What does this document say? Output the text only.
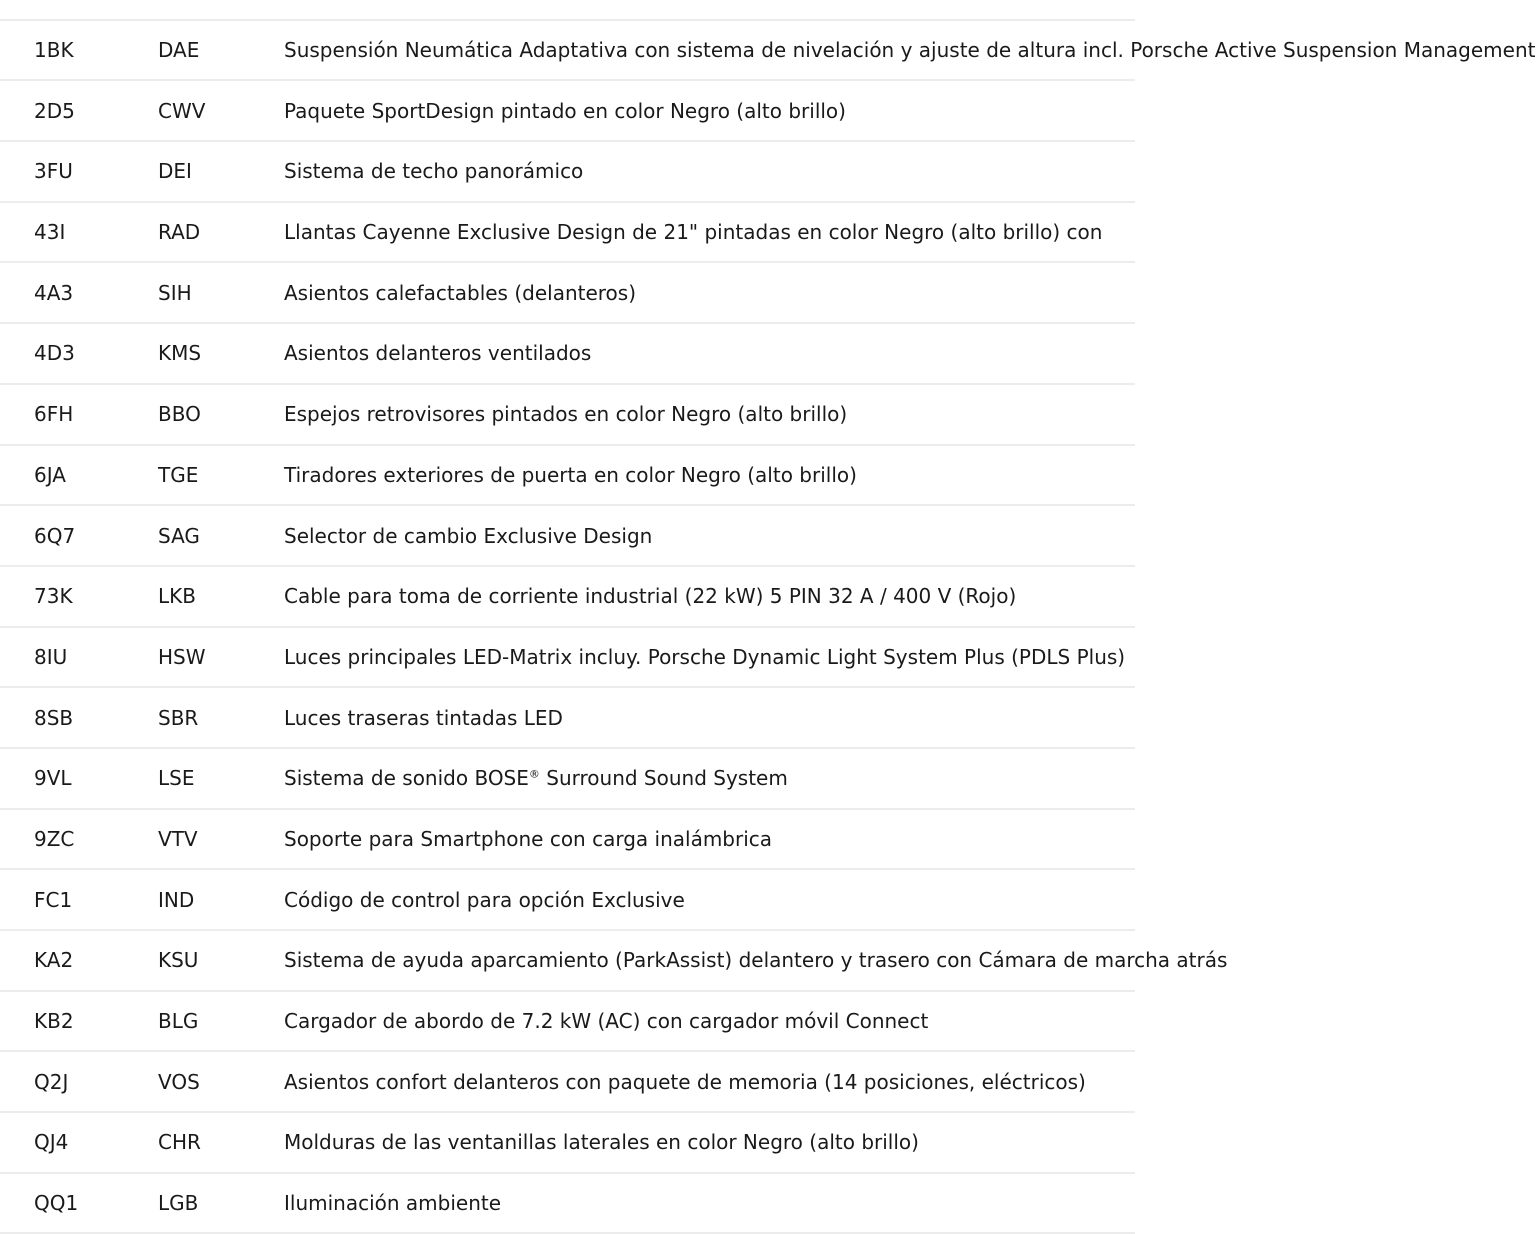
1BK	DAE	Suspensión Neumática Adaptativa con sistema de nivelación y ajuste de altura incl. Porsche Active Suspension Management
2D5	CWV	Paquete SportDesign pintado en color Negro (alto brillo)
3FU	DEI	Sistema de techo panorámico
43I	RAD	Llantas Cayenne Exclusive Design de 21" pintadas en color Negro (alto brillo) con
4A3	SIH	Asientos calefactables (delanteros)
4D3	KMS	Asientos delanteros ventilados
6FH	BBO	Espejos retrovisores pintados en color Negro (alto brillo)
6JA	TGE	Tiradores exteriores de puerta en color Negro (alto brillo)
6Q7	SAG	Selector de cambio Exclusive Design
73K	LKB	Cable para toma de corriente industrial (22 kW) 5 PIN 32 A / 400 V (Rojo)
8IU	HSW	Luces principales LED-Matrix incluy. Porsche Dynamic Light System Plus (PDLS Plus)
8SB	SBR	Luces traseras tintadas LED
9VL	LSE	Sistema de sonido BOSE® Surround Sound System
9ZC	VTV	Soporte para Smartphone con carga inalámbrica
FC1	IND	Código de control para opción Exclusive
KA2	KSU	Sistema de ayuda aparcamiento (ParkAssist) delantero y trasero con Cámara de marcha atrás
KB2	BLG	Cargador de abordo de 7.2 kW (AC) con cargador móvil Connect
Q2J	VOS	Asientos confort delanteros con paquete de memoria (14 posiciones, eléctricos)
QJ4	CHR	Molduras de las ventanillas laterales en color Negro (alto brillo)
QQ1	LGB	Iluminación ambiente
